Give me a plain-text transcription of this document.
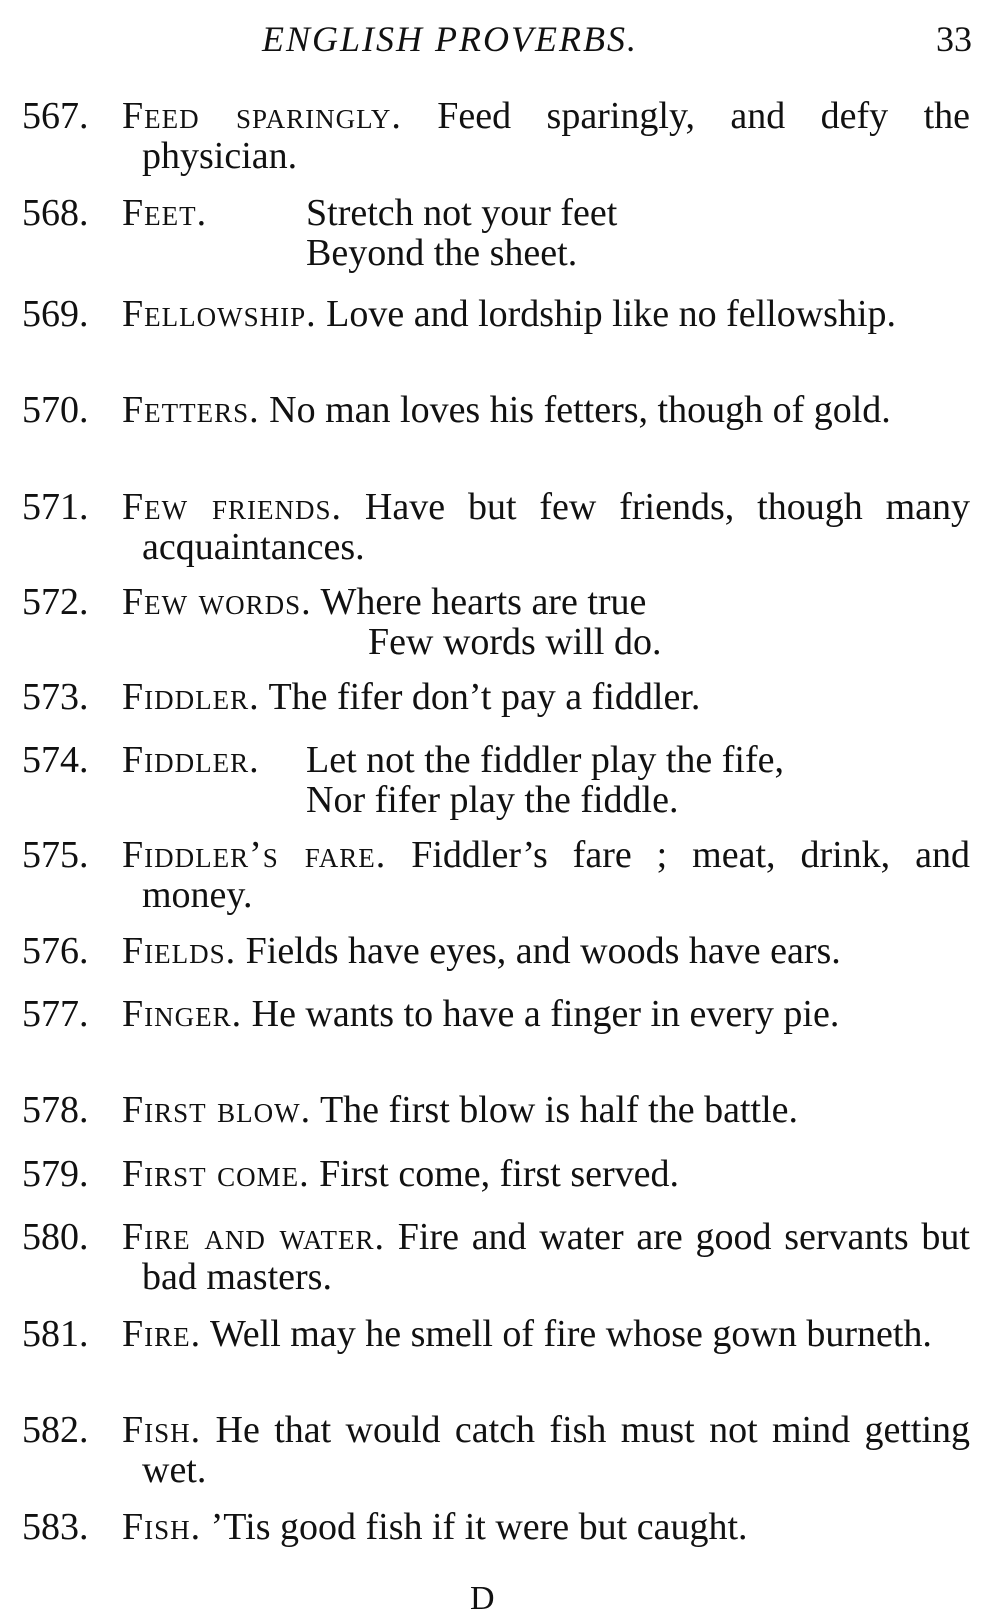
ENGLISH PROVERBS.	33
567. Feed sparingly. Feed sparingly, and defy the physician.
568. Feet.	Stretch not your feet
Beyond the sheet.
569. Fellowship. Love and lordship like no fellowship.
570. Fetters. No man loves his fetters, though of gold.
571. Few friends. Have but few friends, though many acquaintances.
572. Few words. Where hearts are true
Few words will do.
573. Fiddler. The fifer don’t pay a fiddler.
574. Fiddler. Let not the fiddler play the fife,
Nor fifer play the fiddle.
575. Fiddler’s fare. Fiddler’s fare ; meat, drink, and money.
576. Fields. Fields have eyes, and woods have ears.
577. Finger. He wants to have a finger in every pie.
578. First blow. The first blow is half the battle.
579. First come. First come, first served.
580. Fire and water. Fire and water are good servants but bad masters.
581. Fire. Well may he smell of fire whose gown burneth.
582. Fish. He that would catch fish must not mind getting wet.
583. Fish. ’Tis good fish if it were but caught.
D
